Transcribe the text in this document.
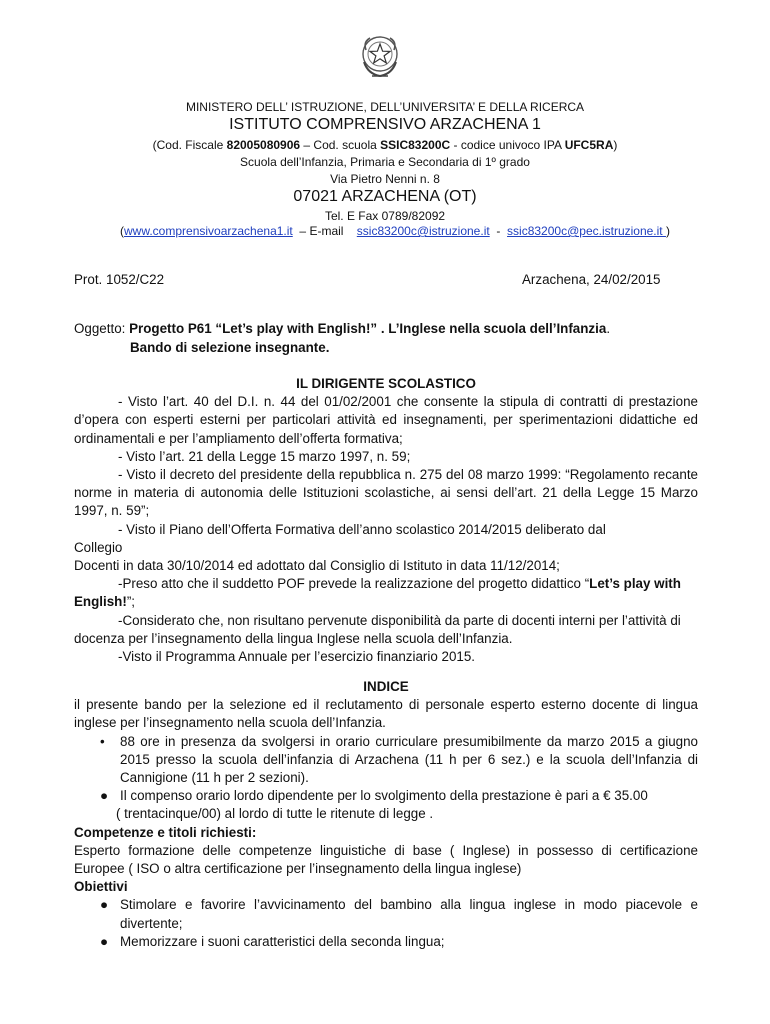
MINISTERO DELL’ ISTRUZIONE, DELL’UNIVERSITA’ E DELLA RICERCA
ISTITUTO COMPRENSIVO ARZACHENA 1
(Cod. Fiscale 82005080906 – Cod. scuola SSIC83200C - codice univoco IPA UFC5RA)
Scuola dell’Infanzia, Primaria e Secondaria di 1º grado
Via Pietro Nenni n. 8
07021 ARZACHENA (OT)
Tel. E Fax 0789/82092
(www.comprensivoarzachena1.it  – E-mail    ssic83200c@istruzione.it  -  ssic83200c@pec.istruzione.it )
Prot. 1052/C22	Arzachena, 24/02/2015
Oggetto: Progetto P61 “Let’s play with English!” . L’Inglese nella scuola dell’Infanzia.
Bando di selezione insegnante.
IL DIRIGENTE SCOLASTICO
- Visto l’art. 40 del D.I. n. 44 del 01/02/2001 che consente la stipula di contratti di prestazione d’opera con esperti esterni per particolari attività ed insegnamenti, per sperimentazioni didattiche ed ordinamentali e per l’ampliamento dell’offerta formativa;
- Visto l’art. 21 della Legge 15 marzo 1997, n. 59;
- Visto il decreto del presidente della repubblica n. 275 del 08 marzo 1999: “Regolamento recante norme in materia di autonomia delle Istituzioni scolastiche, ai sensi dell’art. 21 della Legge 15 Marzo 1997, n. 59”;
- Visto il Piano dell’Offerta Formativa dell’anno scolastico 2014/2015 deliberato dal
Collegio
Docenti in data 30/10/2014 ed adottato dal Consiglio di Istituto in data 11/12/2014;
-Preso atto che il suddetto POF prevede la realizzazione del progetto didattico “Let’s play with English!”;
-Considerato che, non risultano pervenute disponibilità da parte di docenti interni per l’attività di docenza per l’insegnamento della lingua Inglese nella scuola dell’Infanzia.
-Visto il Programma Annuale per l’esercizio finanziario 2015.
INDICE
il presente bando per la selezione ed il reclutamento di personale esperto esterno docente di lingua inglese per l’insegnamento nella scuola dell’Infanzia.
• 88 ore in presenza da svolgersi in orario curriculare presumibilmente da marzo 2015 a giugno 2015 presso la scuola dell’infanzia di Arzachena (11 h per 6 sez.) e la scuola dell’Infanzia di Cannigione (11 h per 2 sezioni).
● Il compenso orario lordo dipendente per lo svolgimento della prestazione è pari a € 35.00
( trentacinque/00) al lordo di tutte le ritenute di legge .
Competenze e titoli richiesti:
Esperto formazione delle competenze linguistiche di base ( Inglese) in possesso di certificazione Europee ( ISO o altra certificazione per l’insegnamento della lingua inglese)
Obiettivi
● Stimolare e favorire l’avvicinamento del bambino alla lingua inglese in modo piacevole e divertente;
● Memorizzare i suoni caratteristici della seconda lingua;
